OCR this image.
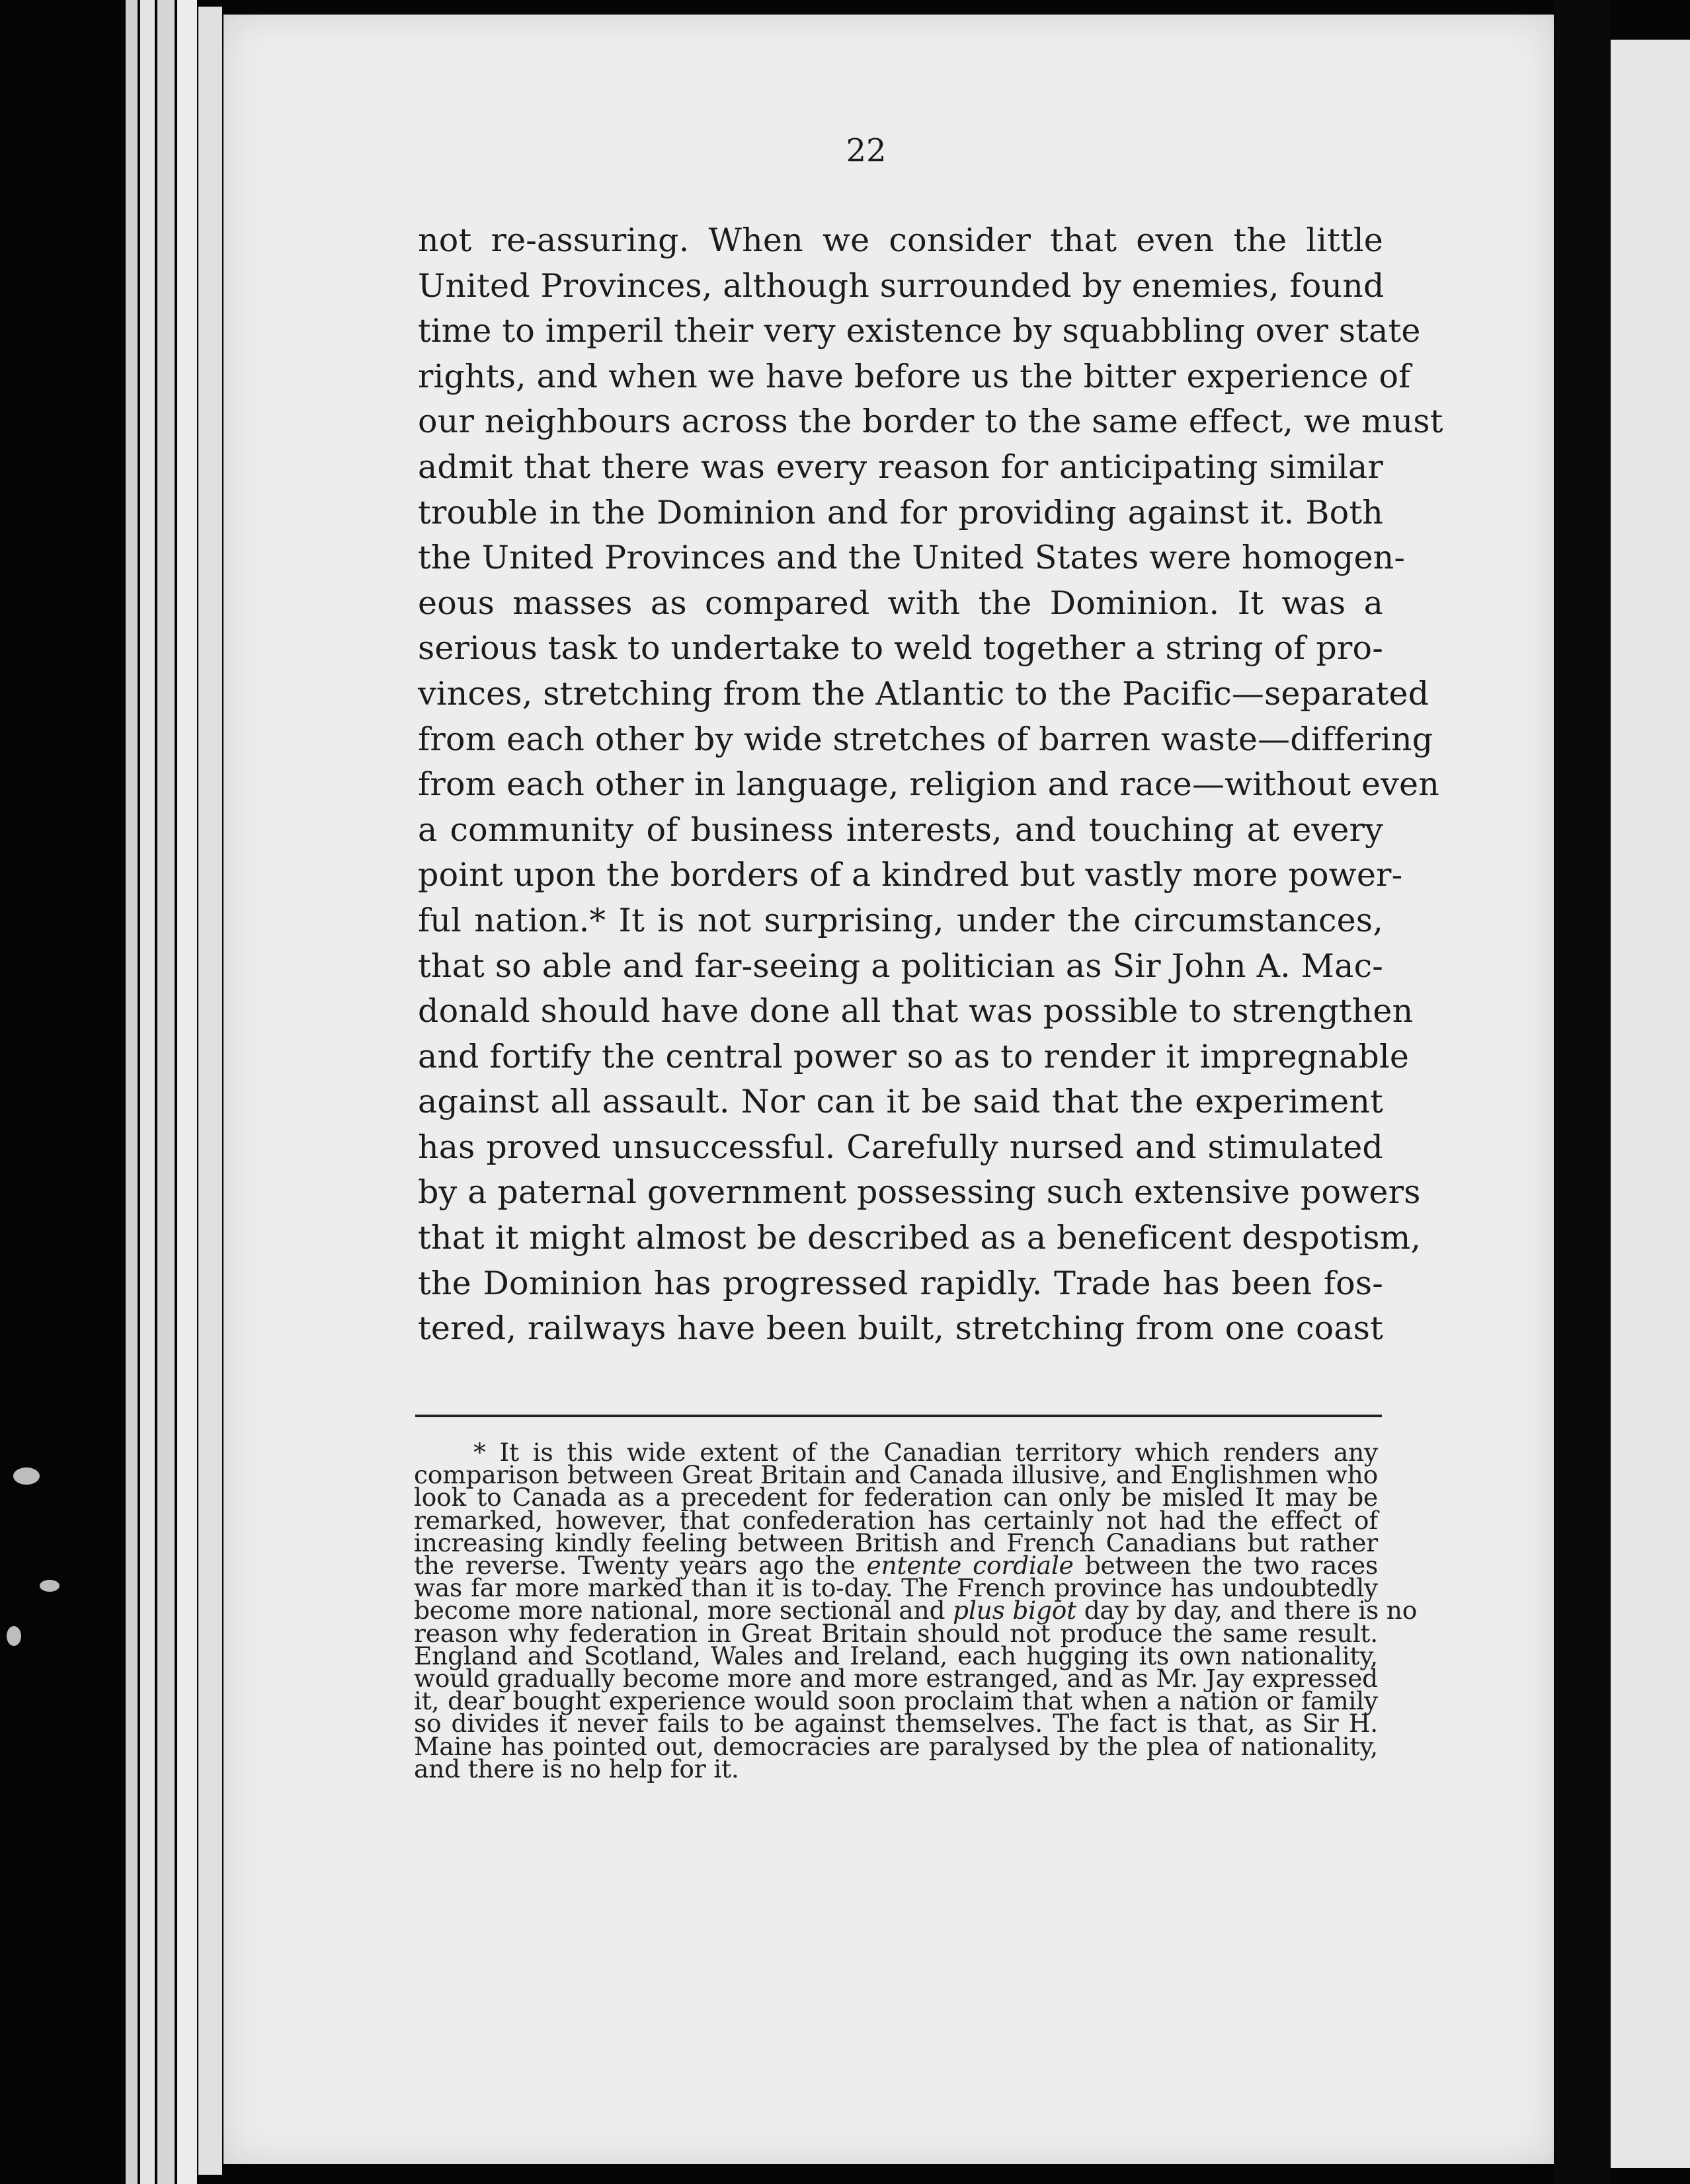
22
not re-assuring. When we consider that even the little
United Provinces, although surrounded by enemies, found
time to imperil their very existence by squabbling over state
rights, and when we have before us the bitter experience of
our neighbours across the border to the same effect, we must
admit that there was every reason for anticipating similar
trouble in the Dominion and for providing against it. Both
the United Provinces and the United States were homogen-
eous masses as compared with the Dominion. It was a
serious task to undertake to weld together a string of pro-
vinces, stretching from the Atlantic to the Pacific—separated
from each other by wide stretches of barren waste—differing
from each other in language, religion and race—without even
a community of business interests, and touching at every
point upon the borders of a kindred but vastly more power-
ful nation.* It is not surprising, under the circumstances,
that so able and far-seeing a politician as Sir John A. Mac-
donald should have done all that was possible to strengthen
and fortify the central power so as to render it impregnable
against all assault. Nor can it be said that the experiment
has proved unsuccessful. Carefully nursed and stimulated
by a paternal government possessing such extensive powers
that it might almost be described as a beneficent despotism,
the Dominion has progressed rapidly. Trade has been fos-
tered, railways have been built, stretching from one coast
* It is this wide extent of the Canadian territory which renders any
comparison between Great Britain and Canada illusive, and Englishmen who
look to Canada as a precedent for federation can only be misled It may be
remarked, however, that confederation has certainly not had the effect of
increasing kindly feeling between British and French Canadians but rather
the reverse. Twenty years ago the entente cordiale between the two races
was far more marked than it is to-day. The French province has undoubtedly
become more national, more sectional and plus bigot day by day, and there is no
reason why federation in Great Britain should not produce the same result.
England and Scotland, Wales and Ireland, each hugging its own nationality,
would gradually become more and more estranged, and as Mr. Jay expressed
it, dear bought experience would soon proclaim that when a nation or family
so divides it never fails to be against themselves. The fact is that, as Sir H.
Maine has pointed out, democracies are paralysed by the plea of nationality,
and there is no help for it.
